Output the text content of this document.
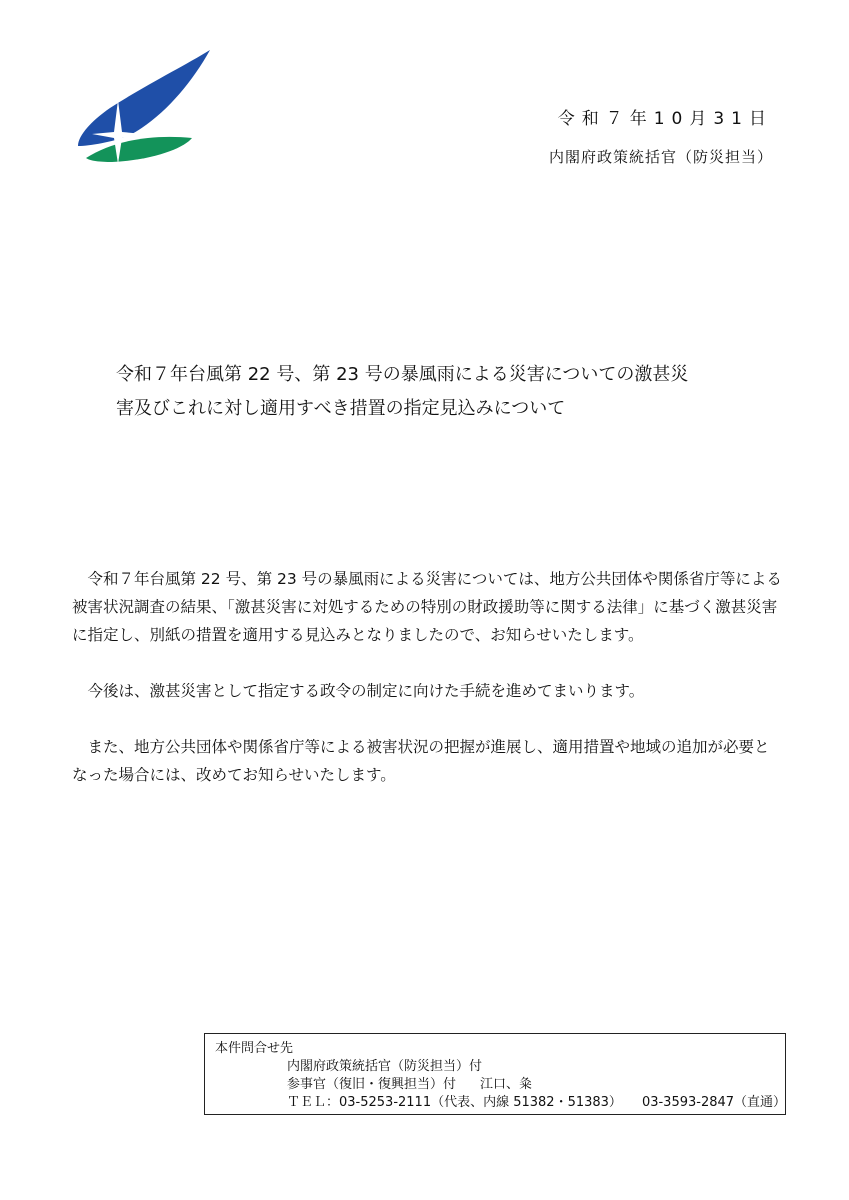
令和７年10月31日
内閣府政策統括官（防災担当）
令和７年台風第 22 号、第 23 号の暴風雨による災害についての激甚災
害及びこれに対し適用すべき措置の指定見込みについて

令和７年台風第 22 号、第 23 号の暴風雨による災害については、地方公共団体や関係省庁等による被害状況調査の結果、「激甚災害に対処するための特別の財政援助等に関する法律」に基づく激甚災害に指定し、別紙の措置を適用する見込みとなりましたので、お知らせいたします。

今後は、激甚災害として指定する政令の制定に向けた手続を進めてまいります。

また、地方公共団体や関係省庁等による被害状況の把握が進展し、適用措置や地域の追加が必要となった場合には、改めてお知らせいたします。

本件問合せ先
内閣府政策統括官（防災担当）付
参事官（復旧・復興担当）付 江口、粂
ＴＥＬ：03-5253-2111（代表、内線 51382・51383） 03-3593-2847（直通）
